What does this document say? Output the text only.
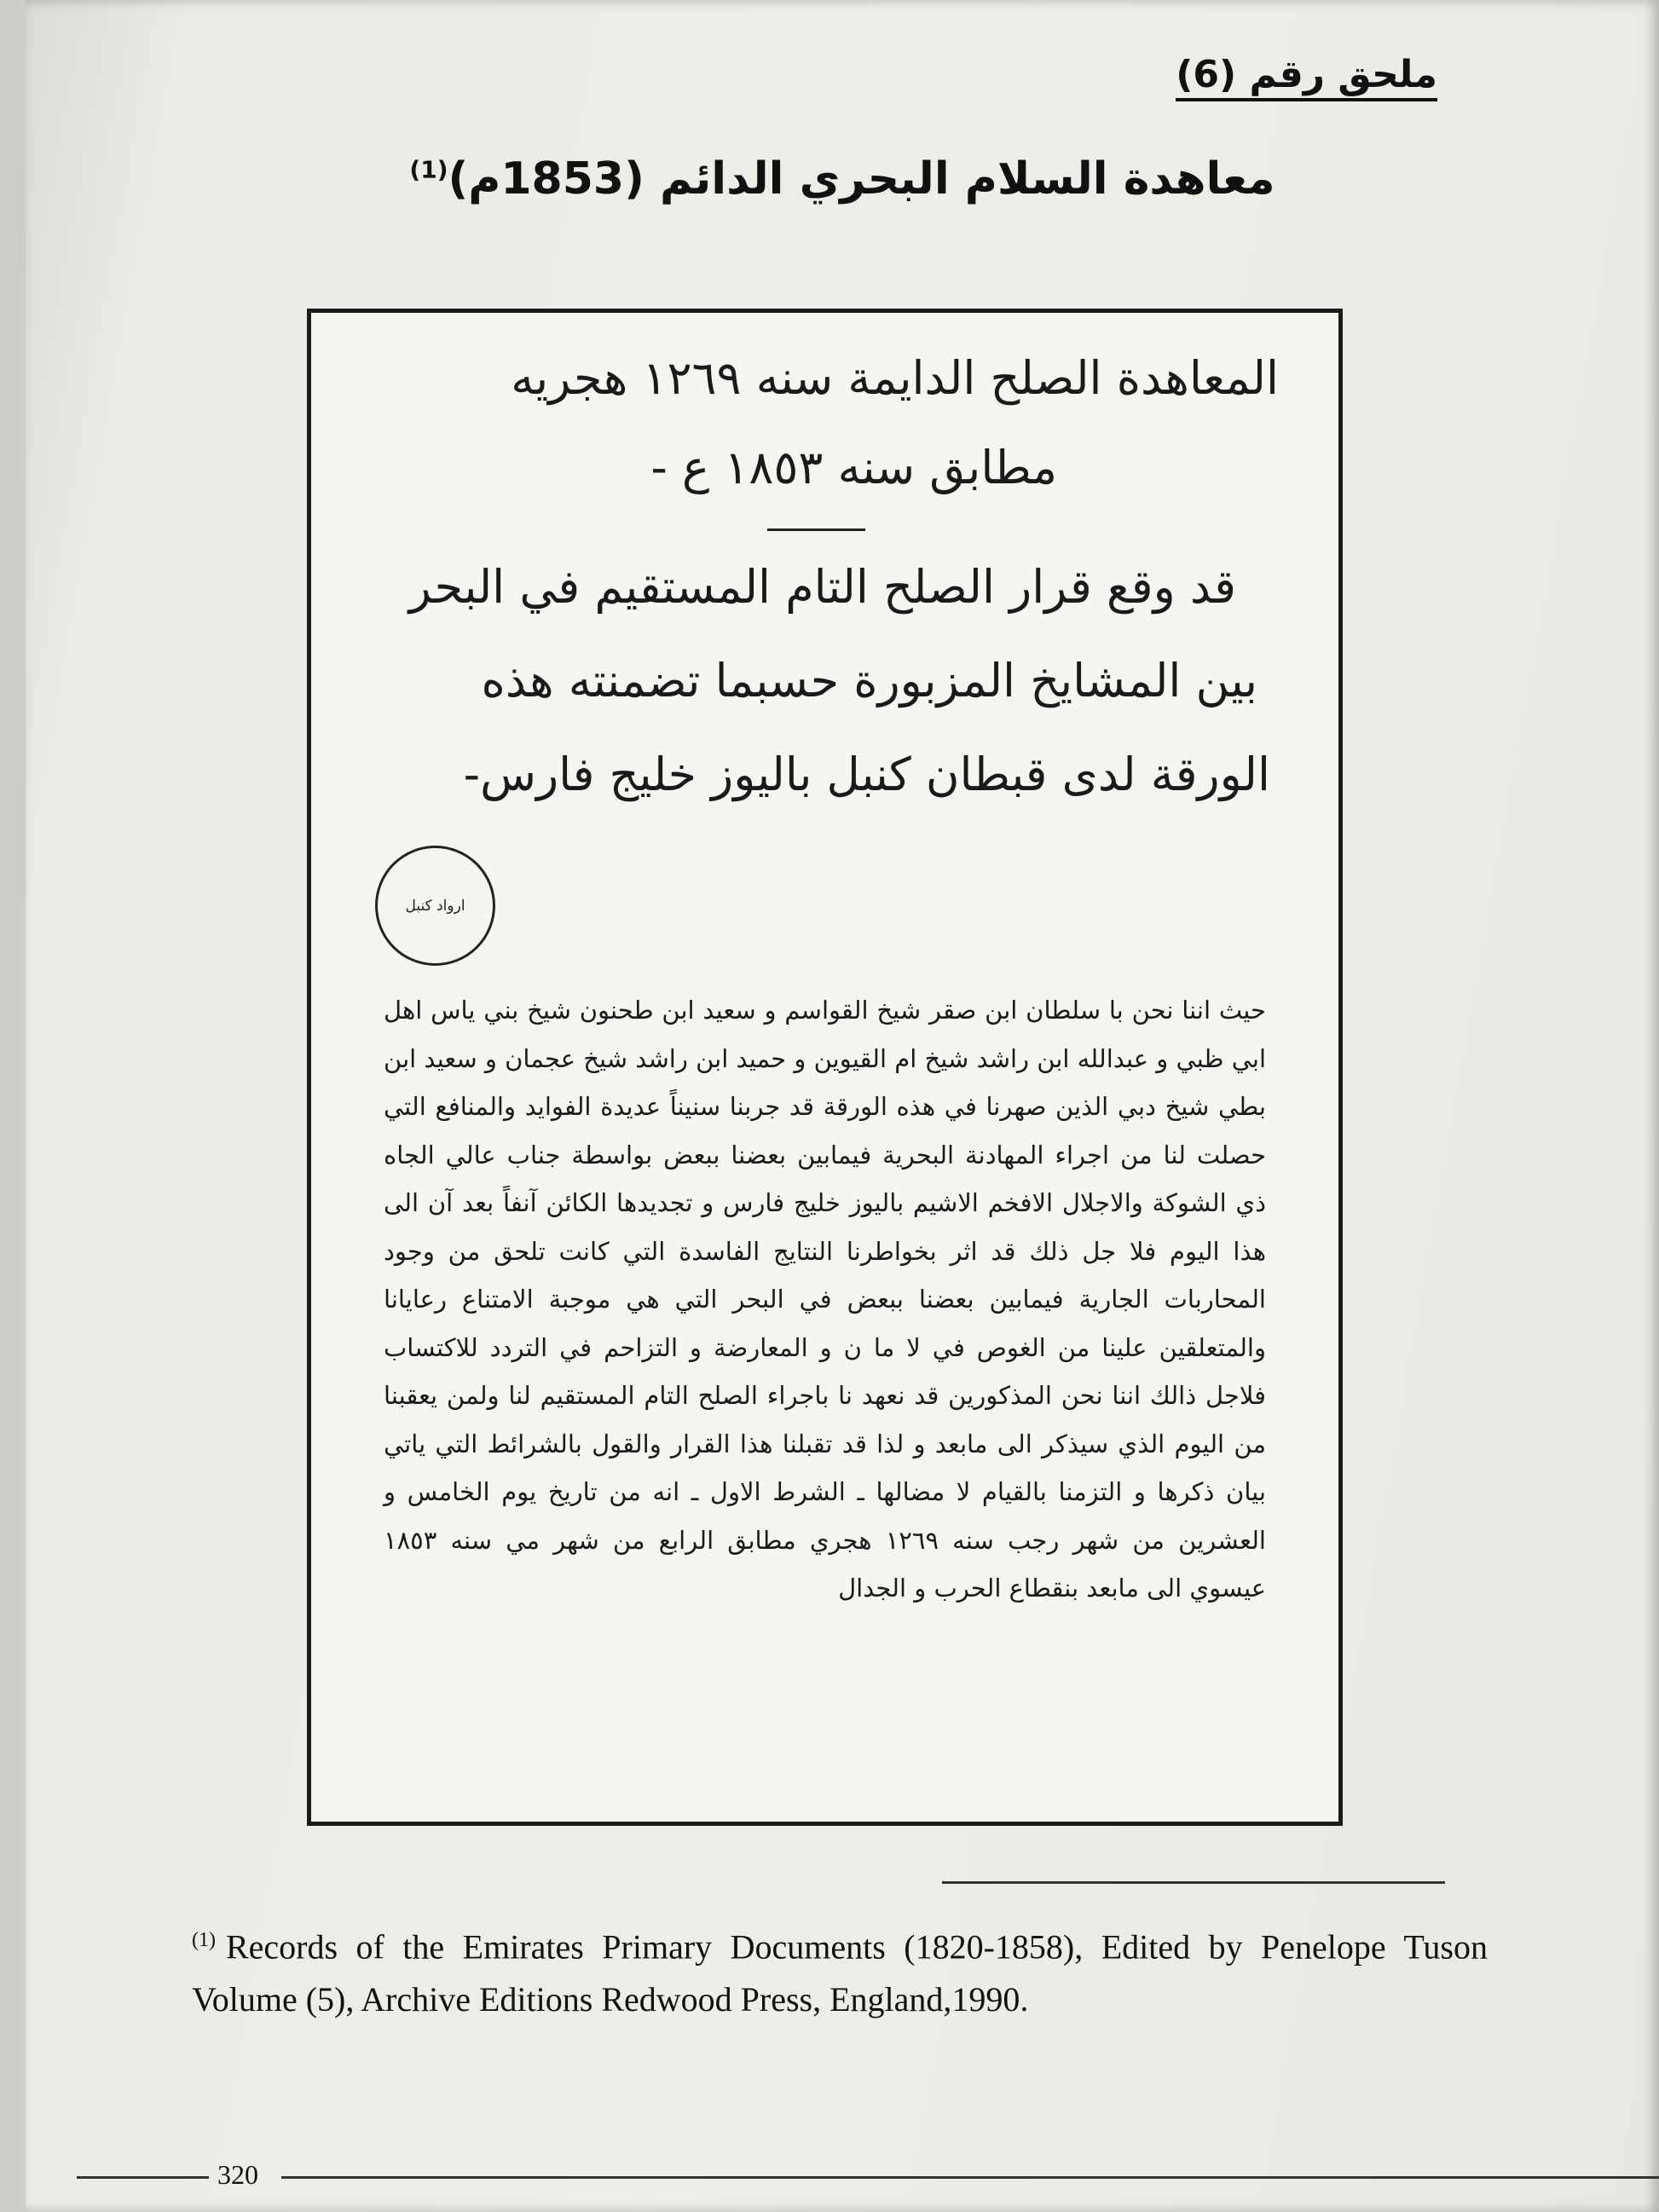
ملحق رقم (6)
معاهدة السلام البحري الدائم (1853م)$^{(1)}$
المعاهدة الصلح الدايمة سنه ١٢٦٩ هجريه
مطابق سنه ١٨٥٣ ع -
قد وقع قرار الصلح التام المستقيم في البحر
بين المشايخ المزبورة حسبما تضمنته هذه
الورقة لدى قبطان كنبل باليوز خليج فارس-
ارواد كنبل
حيث اننا نحن با سلطان ابن صقر شيخ القواسم و سعيد ابن طحنون شيخ بني ياس اهل ابي ظبي و عبدالله ابن راشد شيخ ام القيوين و حميد ابن راشد شيخ عجمان و سعيد ابن بطي شيخ دبي الذين صهرنا في هذه الورقة قد جربنا سنيناً عديدة الفوايد والمنافع التي حصلت لنا من اجراء المهادنة البحرية فيمابين بعضنا ببعض بواسطة جناب عالي الجاه ذي الشوكة والاجلال الافخم الاشيم باليوز خليج فارس و تجديدها الكائن آنفاً بعد آن الى هذا اليوم فلا جل ذلك قد اثر بخواطرنا النتايج الفاسدة التي كانت تلحق من وجود المحاربات الجارية فيمابين بعضنا ببعض في البحر التي هي موجبة الامتناع رعايانا والمتعلقين علينا من الغوص في لا ما ن و المعارضة و التزاحم في التردد للاكتساب فلاجل ذالك اننا نحن المذكورين قد نعهد نا باجراء الصلح التام المستقيم لنا ولمن يعقبنا من اليوم الذي سيذكر الى مابعد و لذا قد تقبلنا هذا القرار والقول بالشرائط التي ياتي بيان ذكرها و التزمنا بالقيام لا مضالها ـ الشرط الاول ـ انه من تاريخ يوم الخامس و العشرين من شهر رجب سنه ١٢٦٩ هجري مطابق الرابع من شهر مي سنه ١٨٥٣ عيسوي الى مابعد بنقطاع الحرب و الجدال
$^{(1)}$ Records of the Emirates Primary Documents (1820-1858), Edited by Penelope Tuson Volume (5), Archive Editions Redwood Press, England,1990.
320
